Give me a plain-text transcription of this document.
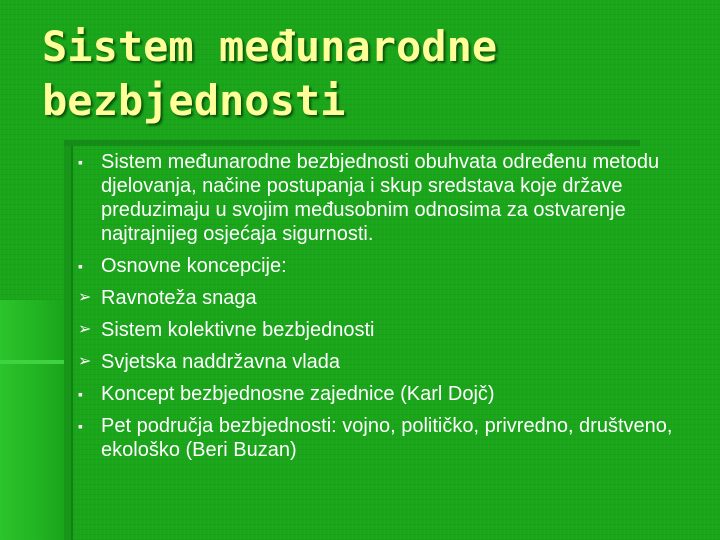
Sistem međunarodne bezbjednosti
▪ Sistem međunarodne bezbjednosti obuhvata određenu metodu djelovanja, načine postupanja i skup sredstava koje države preduzimaju u svojim međusobnim odnosima za ostvarenje najtrajnijeg osjećaja sigurnosti.
▪ Osnovne koncepcije:
➢ Ravnoteža snaga
➢ Sistem kolektivne bezbjednosti
➢ Svjetska naddržavna vlada
▪ Koncept bezbjednosne zajednice (Karl Dojč)
▪ Pet područja bezbjednosti: vojno, političko, privredno, društveno, ekološko (Beri Buzan)
